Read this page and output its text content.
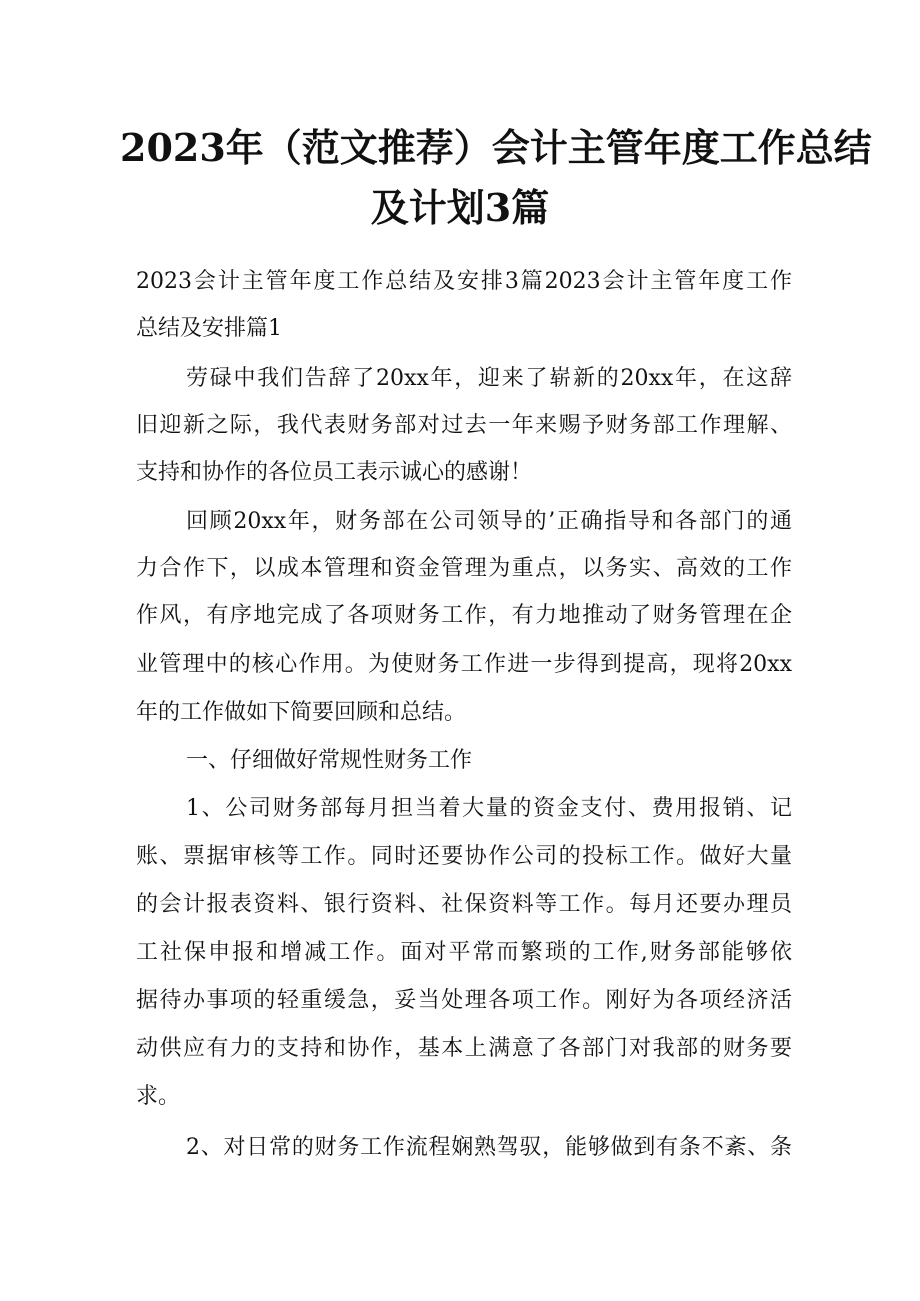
2023年（范文推荐）会计主管年度工作总结
及计划3篇
2023会计主管年度工作总结及安排3篇2023会计主管年度工作
总结及安排篇1
劳碌中我们告辞了20xx年，迎来了崭新的20xx年，在这辞
旧迎新之际，我代表财务部对过去一年来赐予财务部工作理解、
支持和协作的各位员工表示诚心的感谢！
回顾20xx年，财务部在公司领导的’正确指导和各部门的通
力合作下，以成本管理和资金管理为重点，以务实、高效的工作
作风，有序地完成了各项财务工作，有力地推动了财务管理在企
业管理中的核心作用。为使财务工作进一步得到提高，现将20xx
年的工作做如下简要回顾和总结。
一、仔细做好常规性财务工作
1、公司财务部每月担当着大量的资金支付、费用报销、记
账、票据审核等工作。同时还要协作公司的投标工作。做好大量
的会计报表资料、银行资料、社保资料等工作。每月还要办理员
工社保申报和增减工作。面对平常而繁琐的工作,财务部能够依
据待办事项的轻重缓急，妥当处理各项工作。刚好为各项经济活
动供应有力的支持和协作，基本上满意了各部门对我部的财务要
求。
2、对日常的财务工作流程娴熟驾驭，能够做到有条不紊、条
